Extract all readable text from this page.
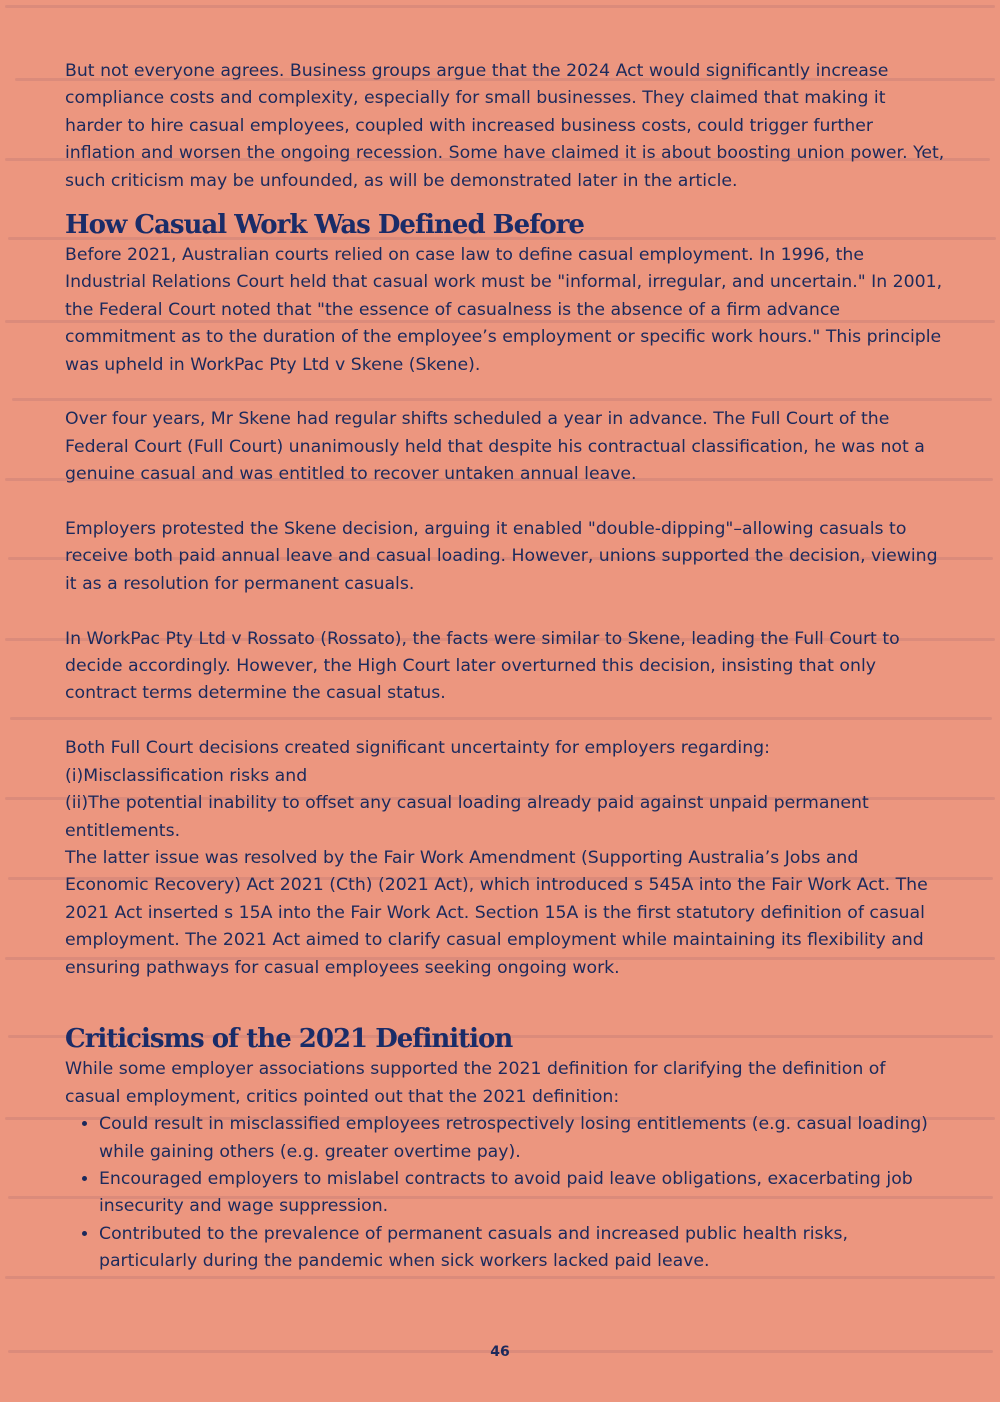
But not everyone agrees. Business groups argue that the 2024 Act would significantly increase compliance costs and complexity, especially for small businesses. They claimed that making it harder to hire casual employees, coupled with increased business costs, could trigger further inflation and worsen the ongoing recession. Some have claimed it is about boosting union power. Yet, such criticism may be unfounded, as will be demonstrated later in the article.

How Casual Work Was Defined Before

Before 2021, Australian courts relied on case law to define casual employment. In 1996, the Industrial Relations Court held that casual work must be "informal, irregular, and uncertain." In 2001, the Federal Court noted that "the essence of casualness is the absence of a firm advance commitment as to the duration of the employee’s employment or specific work hours." This principle was upheld in WorkPac Pty Ltd v Skene (Skene).

Over four years, Mr Skene had regular shifts scheduled a year in advance. The Full Court of the Federal Court (Full Court) unanimously held that despite his contractual classification, he was not a genuine casual and was entitled to recover untaken annual leave.

Employers protested the Skene decision, arguing it enabled "double-dipping"–allowing casuals to receive both paid annual leave and casual loading. However, unions supported the decision, viewing it as a resolution for permanent casuals.

In WorkPac Pty Ltd v Rossato (Rossato), the facts were similar to Skene, leading the Full Court to decide accordingly. However, the High Court later overturned this decision, insisting that only contract terms determine the casual status.

Both Full Court decisions created significant uncertainty for employers regarding:

(i)Misclassification risks and

(ii)The potential inability to offset any casual loading already paid against unpaid permanent entitlements.

The latter issue was resolved by the Fair Work Amendment (Supporting Australia’s Jobs and Economic Recovery) Act 2021 (Cth) (2021 Act), which introduced s 545A into the Fair Work Act. The 2021 Act inserted s 15A into the Fair Work Act. Section 15A is the first statutory definition of casual employment. The 2021 Act aimed to clarify casual employment while maintaining its flexibility and ensuring pathways for casual employees seeking ongoing work.

Criticisms of the 2021 Definition

While some employer associations supported the 2021 definition for clarifying the definition of casual employment, critics pointed out that the 2021 definition:

• Could result in misclassified employees retrospectively losing entitlements (e.g. casual loading) while gaining others (e.g. greater overtime pay).
• Encouraged employers to mislabel contracts to avoid paid leave obligations, exacerbating job insecurity and wage suppression.
• Contributed to the prevalence of permanent casuals and increased public health risks, particularly during the pandemic when sick workers lacked paid leave.
46
